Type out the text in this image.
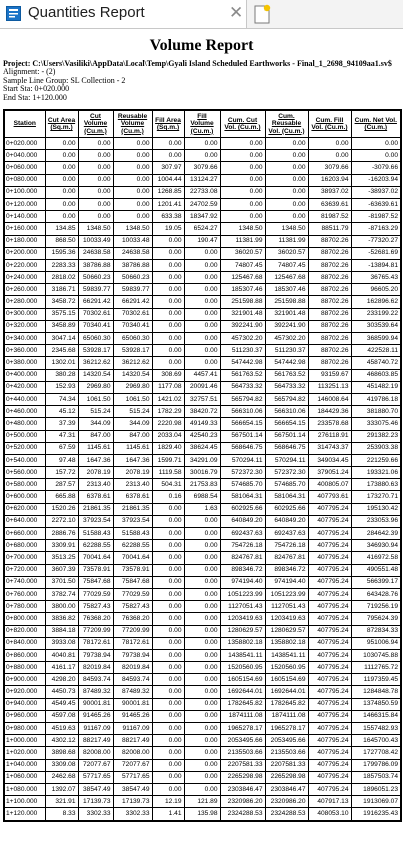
Quantities Report	✕
Volume Report
Project: C:\Users\Vasiliki\AppData\Local\Temp\Gyali Island Scheduled Earthworks - Final_1_2698_94109aa1.sv$
Alignment: - (2)
Sample Line Group: SL Collection - 2
Start Sta: 0+020.000
End Sta: 1+120.000
Station	Cut Area (Sq.m.)	Cut Volume (Cu.m.)	Reusable Volume (Cu.m.)	Fill Area (Sq.m.)	Fill Volume (Cu.m.)	Cum. Cut Vol. (Cu.m.)	Cum. Reusable Vol. (Cu.m.)	Cum. Fill Vol. (Cu.m.)	Cum. Net Vol. (Cu.m.)
0+020.000	0.00	0.00	0.00	0.00	0.00	0.00	0.00	0.00	0.00
0+040.000	0.00	0.00	0.00	0.00	0.00	0.00	0.00	0.00	0.00
0+060.000	0.00	0.00	0.00	307.97	3079.66	0.00	0.00	3079.66	-3079.66
0+080.000	0.00	0.00	0.00	1004.44	13124.27	0.00	0.00	16203.94	-16203.94
0+100.000	0.00	0.00	0.00	1268.85	22733.08	0.00	0.00	38937.02	-38937.02
0+120.000	0.00	0.00	0.00	1201.41	24702.59	0.00	0.00	63639.61	-63639.61
0+140.000	0.00	0.00	0.00	633.38	18347.92	0.00	0.00	81987.52	-81987.52
0+160.000	134.85	1348.50	1348.50	19.05	6524.27	1348.50	1348.50	88511.79	-87163.29
0+180.000	868.50	10033.49	10033.48	0.00	190.47	11381.99	11381.99	88702.26	-77320.27
0+200.000	1595.36	24638.58	24638.58	0.00	0.00	36020.57	36020.57	88702.26	-52681.69
0+220.000	2283.33	38786.88	38786.88	0.00	0.00	74807.45	74807.45	88702.26	-13894.81
0+240.000	2818.02	50660.23	50660.23	0.00	0.00	125467.68	125467.68	88702.26	36765.43
0+260.000	3186.71	59839.77	59839.77	0.00	0.00	185307.46	185307.46	88702.26	96605.20
0+280.000	3458.72	66291.42	66291.42	0.00	0.00	251598.88	251598.88	88702.26	162896.62
0+300.000	3575.15	70302.61	70302.61	0.00	0.00	321901.48	321901.48	88702.26	233199.22
0+320.000	3458.89	70340.41	70340.41	0.00	0.00	392241.90	392241.90	88702.26	303539.64
0+340.000	3047.14	65060.30	65060.30	0.00	0.00	457302.20	457302.20	88702.26	368599.94
0+360.000	2345.68	53928.17	53928.17	0.00	0.00	511230.37	511230.37	88702.26	422528.11
0+380.000	1302.01	36212.62	36212.62	0.00	0.00	547442.98	547442.98	88702.26	458740.72
0+400.000	380.28	14320.54	14320.54	308.69	4457.41	561763.52	561763.52	93159.67	468603.85
0+420.000	152.93	2969.80	2969.80	1177.08	20091.46	564733.32	564733.32	113251.13	451482.19
0+440.000	74.34	1061.50	1061.50	1421.02	32757.51	565794.82	565794.82	146008.64	419786.18
0+460.000	45.12	515.24	515.24	1782.29	38420.72	566310.06	566310.06	184429.36	381880.70
0+480.000	37.39	344.09	344.09	2220.98	49149.33	566654.15	566654.15	233578.68	333075.46
0+500.000	47.31	847.00	847.00	2033.04	42540.23	567501.14	567501.14	276118.91	291382.23
0+520.000	67.59	1145.61	1145.61	1829.40	38624.45	568646.75	568646.75	314743.37	253903.38
0+540.000	97.48	1647.36	1647.36	1599.71	34291.09	570294.11	570294.11	349034.45	221259.66
0+560.000	157.72	2078.19	2078.19	1119.58	30016.79	572372.30	572372.30	379051.24	193321.06
0+580.000	287.57	2313.40	2313.40	504.31	21753.83	574685.70	574685.70	400805.07	173880.63
0+600.000	665.88	6378.61	6378.61	0.16	6988.54	581064.31	581064.31	407793.61	173270.71
0+620.000	1520.26	21861.35	21861.35	0.00	1.63	602925.66	602925.66	407795.24	195130.42
0+640.000	2272.10	37923.54	37923.54	0.00	0.00	640849.20	640849.20	407795.24	233053.96
0+660.000	2886.76	51588.43	51588.43	0.00	0.00	692437.63	692437.63	407795.24	284642.39
0+680.000	3309.91	62288.55	62288.55	0.00	0.00	754726.18	754726.18	407795.24	346930.94
0+700.000	3513.25	70041.64	70041.64	0.00	0.00	824767.81	824767.81	407795.24	416972.58
0+720.000	3607.39	73578.91	73578.91	0.00	0.00	898346.72	898346.72	407795.24	490551.48
0+740.000	3701.50	75847.68	75847.68	0.00	0.00	974194.40	974194.40	407795.24	566399.17
0+760.000	3782.74	77029.59	77029.59	0.00	0.00	1051223.99	1051223.99	407795.24	643428.76
0+780.000	3800.00	75827.43	75827.43	0.00	0.00	1127051.43	1127051.43	407795.24	719256.19
0+800.000	3836.82	76368.20	76368.20	0.00	0.00	1203419.63	1203419.63	407795.24	795624.39
0+820.000	3884.18	77209.99	77209.99	0.00	0.00	1280629.57	1280629.57	407795.24	872834.33
0+840.000	3933.08	78172.61	78172.61	0.00	0.00	1358802.18	1358802.18	407795.24	951006.94
0+860.000	4040.81	79738.94	79738.94	0.00	0.00	1438541.11	1438541.11	407795.24	1030745.88
0+880.000	4161.17	82019.84	82019.84	0.00	0.00	1520560.95	1520560.95	407795.24	1112765.72
0+900.000	4298.20	84593.74	84593.74	0.00	0.00	1605154.69	1605154.69	407795.24	1197359.45
0+920.000	4450.73	87489.32	87489.32	0.00	0.00	1692644.01	1692644.01	407795.24	1284848.78
0+940.000	4549.45	90001.81	90001.81	0.00	0.00	1782645.82	1782645.82	407795.24	1374850.59
0+960.000	4597.08	91465.26	91465.26	0.00	0.00	1874111.08	1874111.08	407795.24	1466315.84
0+980.000	4519.63	91167.09	91167.09	0.00	0.00	1965278.17	1965278.17	407795.24	1557482.93
1+000.000	4302.12	88217.49	88217.49	0.00	0.00	2053495.66	2053495.66	407795.24	1645700.43
1+020.000	3898.68	82008.00	82008.00	0.00	0.00	2135503.66	2135503.66	407795.24	1727708.42
1+040.000	3309.08	72077.67	72077.67	0.00	0.00	2207581.33	2207581.33	407795.24	1799786.09
1+060.000	2462.68	57717.65	57717.65	0.00	0.00	2265298.98	2265298.98	407795.24	1857503.74
1+080.000	1392.07	38547.49	38547.49	0.00	0.00	2303846.47	2303846.47	407795.24	1896051.23
1+100.000	321.91	17139.73	17139.73	12.19	121.89	2320986.20	2320986.20	407917.13	1913069.07
1+120.000	8.33	3302.33	3302.33	1.41	135.98	2324288.53	2324288.53	408053.10	1916235.43
